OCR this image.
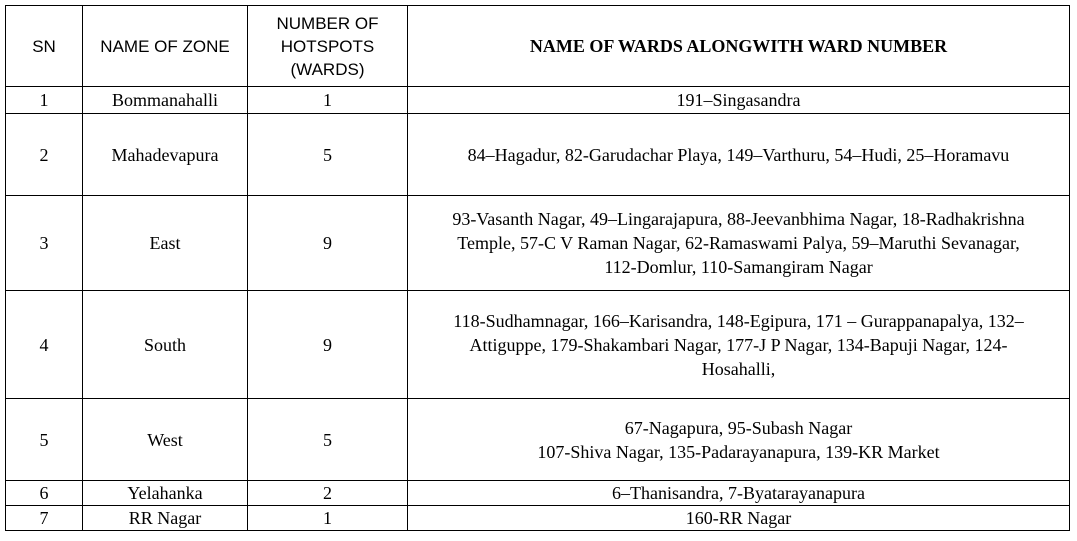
SN	NAME OF ZONE	NUMBER OF
HOTSPOTS
(WARDS)	NAME OF WARDS ALONGWITH WARD NUMBER
1	Bommanahalli	1	191–Singasandra

2	Mahadevapura	5	84–Hagadur, 82-Garudachar Playa, 149–Varthuru, 54–Hudi, 25–Horamavu

3	East	9	93-Vasanth Nagar, 49–Lingarajapura, 88-Jeevanbhima Nagar, 18-Radhakrishna
Temple, 57-C V Raman Nagar, 62-Ramaswami Palya, 59–Maruthi Sevanagar,
112-Domlur, 110-Samangiram Nagar

4	South	9	118-Sudhamnagar, 166–Karisandra, 148-Egipura, 171 – Gurappanapalya, 132–
Attiguppe, 179-Shakambari Nagar, 177-J P Nagar, 134-Bapuji Nagar, 124-
Hosahalli,

5	West	5	67-Nagapura, 95-Subash Nagar
107-Shiva Nagar, 135-Padarayanapura, 139-KR Market

6	Yelahanka	2	6–Thanisandra, 7-Byatarayanapura

7	RR Nagar	1	160-RR Nagar
